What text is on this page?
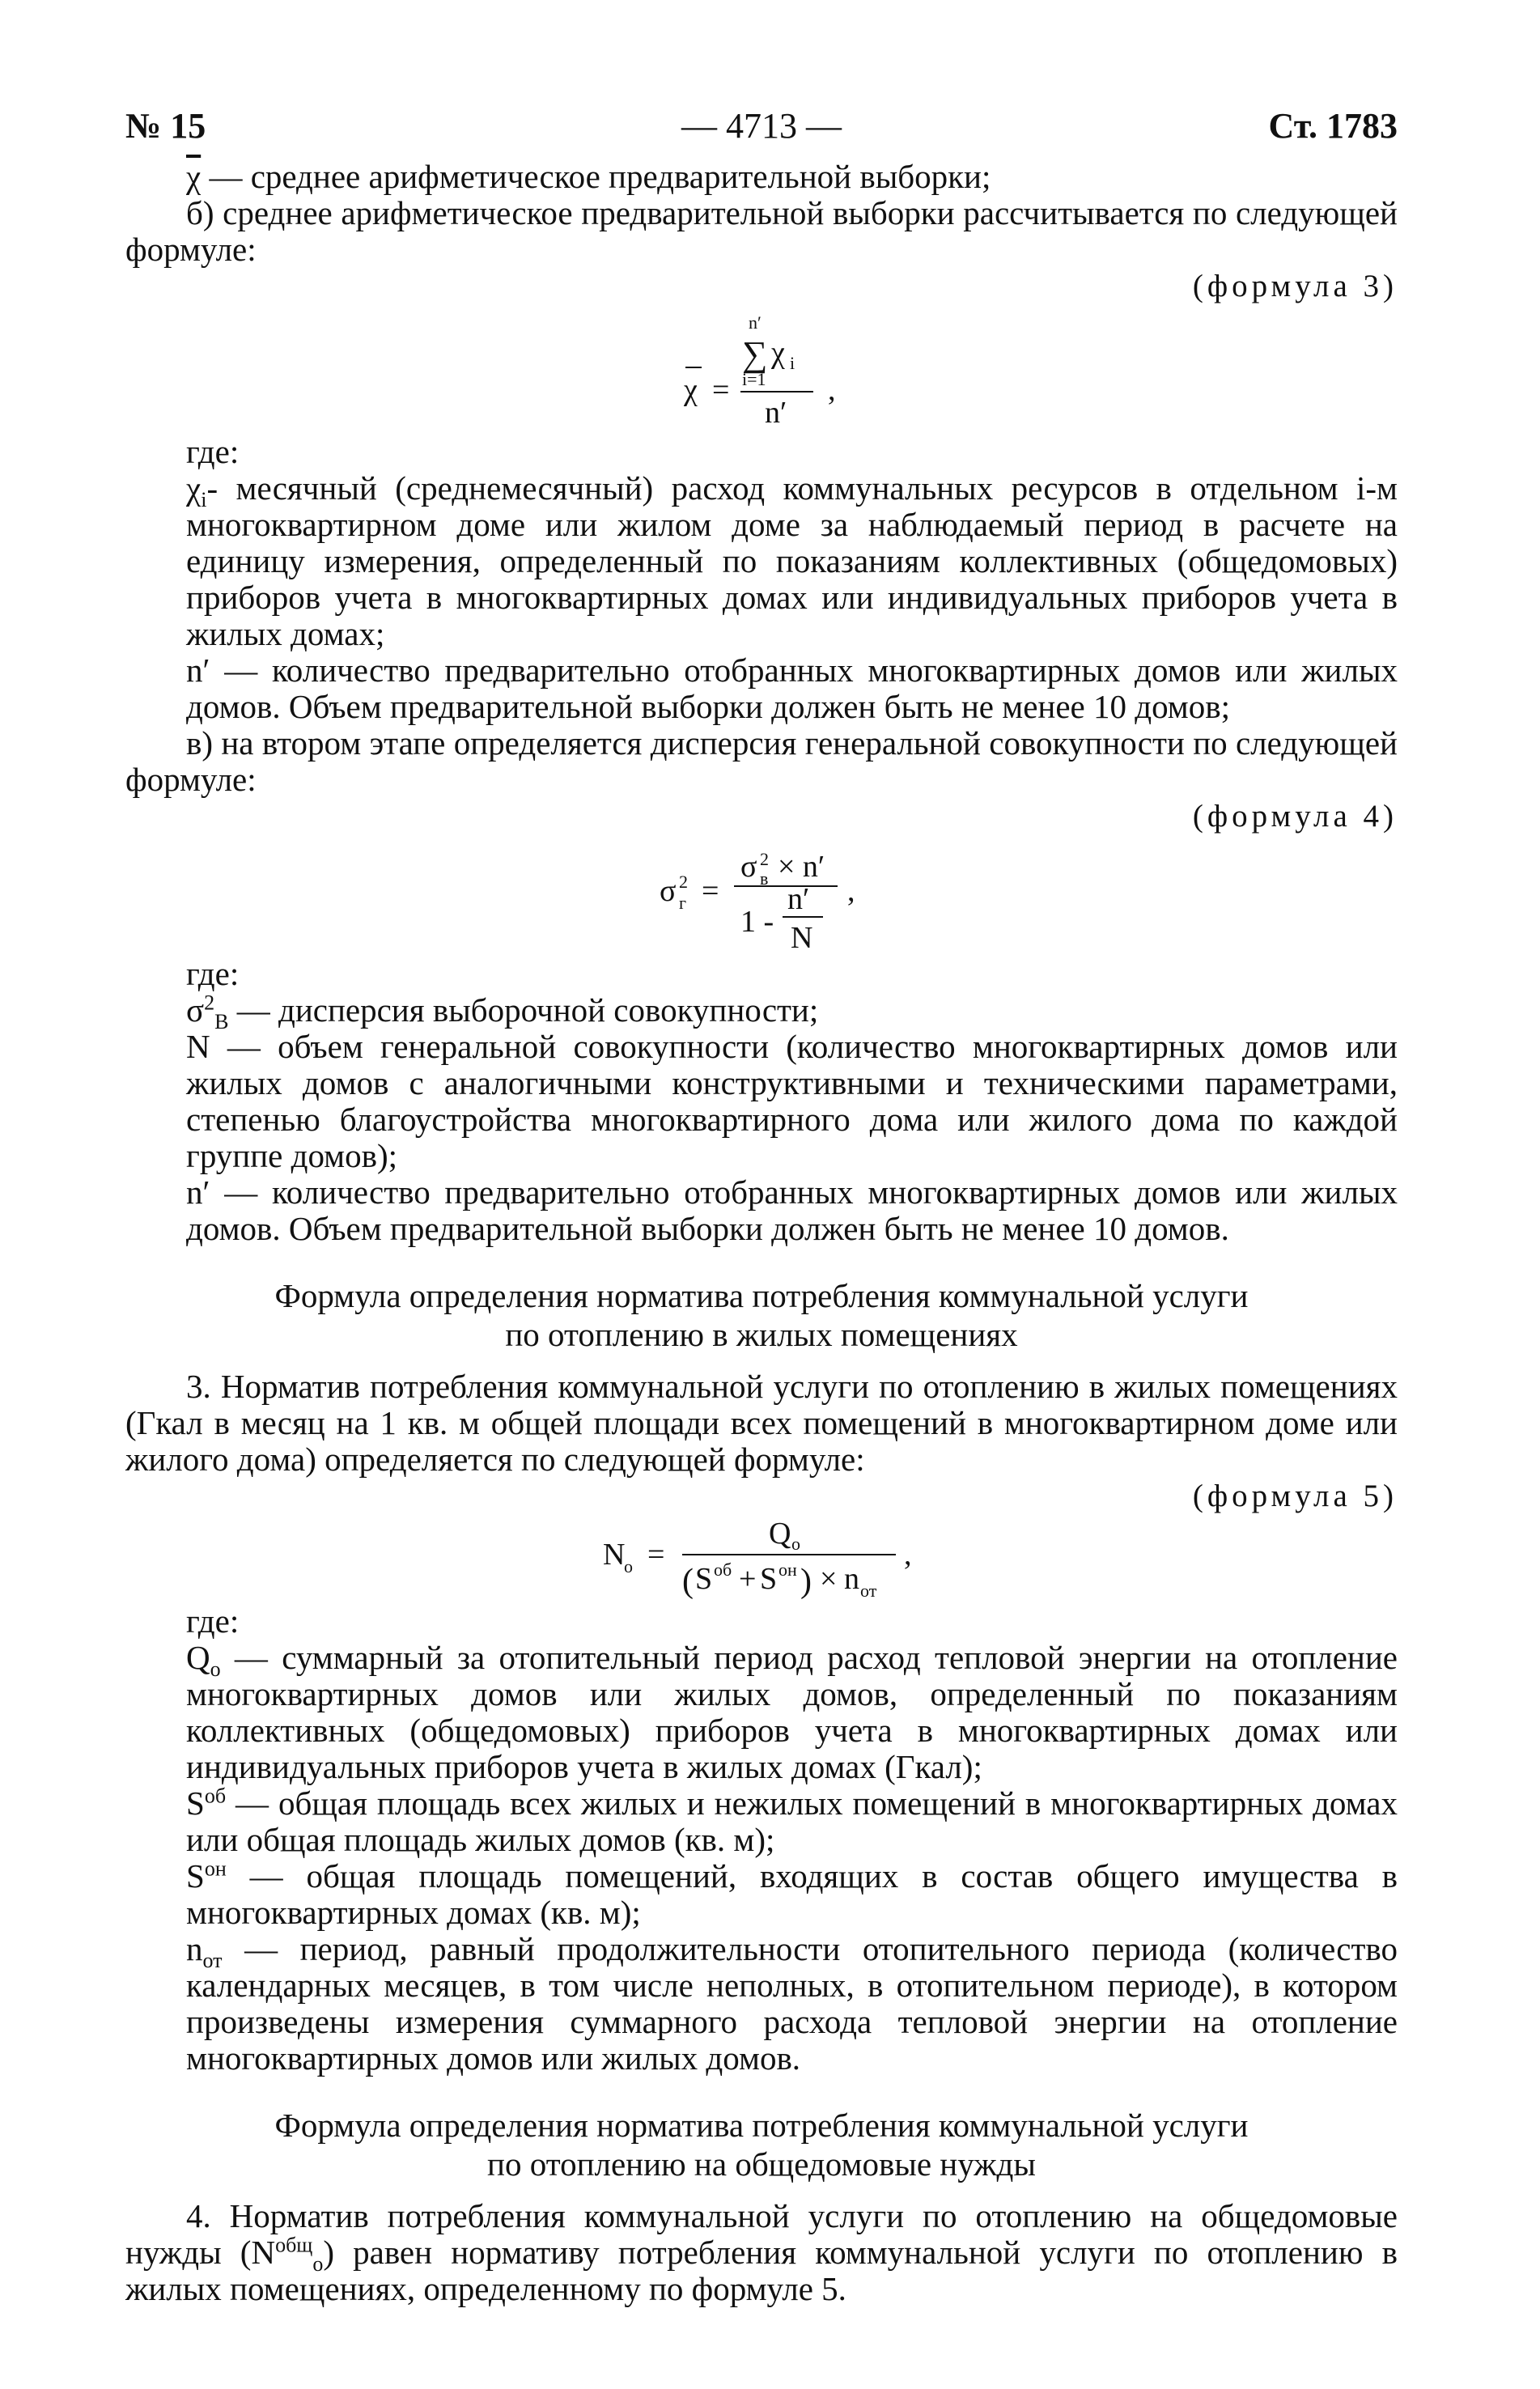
№ 15	— 4713 —	Ст. 1783

$\overline{\chi}$ — среднее арифметическое предварительной выборки;

б) среднее арифметическое предварительной выборки рассчитывается по следующей формуле:

(формула 3)

χ =
n′
∑ χ i
i=1
n′
,

где:

$\chi_i-$ месячный (среднемесячный) расход коммунальных ресурсов в отдельном i-м многоквартирном доме или жилом доме за наблюдаемый период в расчете на единицу измерения, определенный по показаниям коллективных (общедомовых) приборов учета в многоквартирных домах или индивидуальных приборов учета в жилых домах;

n′ — количество предварительно отобранных многоквартирных домов или жилых домов. Объем предварительной выборки должен быть не менее 10 домов;

в) на втором этапе определяется дисперсия генеральной совокупности по следующей формуле:

(формула 4)

σ 2
г =
σ 2
в × n′
1 -
n′
N
,

где:

$\sigma^2_В$ — дисперсия выборочной совокупности;

N — объем генеральной совокупности (количество многоквартирных домов или жилых домов с аналогичными конструктивными и техническими параметрами, степенью благоустройства многоквартирного дома или жилого дома по каждой группе домов);

n′ — количество предварительно отобранных многоквартирных домов или жилых домов. Объем предварительной выборки должен быть не менее 10 домов.

Формула определения норматива потребления коммунальной услуги

по отоплению в жилых помещениях

3. Норматив потребления коммунальной услуги по отоплению в жилых помещениях (Гкал в месяц на 1 кв. м общей площади всех помещений в многоквартирном доме или жилого дома) определяется по следующей формуле:

(формула 5)

N
о =
Q о
( S об + S он ) × n от
,

где:

$Q_о$ — суммарный за отопительный период расход тепловой энергии на отопление многоквартирных домов или жилых домов, определенный по показаниям коллективных (общедомовых) приборов учета в многоквартирных домах или индивидуальных приборов учета в жилых домах (Гкал);

$S^{об}$ — общая площадь всех жилых и нежилых помещений в многоквартирных домах или общая площадь жилых домов (кв. м);

$S^{он}$ — общая площадь помещений, входящих в состав общего имущества в многоквартирных домах (кв. м);

$n_{от}$ — период, равный продолжительности отопительного периода (количество календарных месяцев, в том числе неполных, в отопительном периоде), в котором произведены измерения суммарного расхода тепловой энергии на отопление многоквартирных домов или жилых домов.

Формула определения норматива потребления коммунальной услуги

по отоплению на общедомовые нужды

4. Норматив потребления коммунальной услуги по отоплению на общедомовые нужды $(N^{общ}_о)$ равен нормативу потребления коммунальной услуги по отоплению в жилых помещениях, определенному по формуле 5.
